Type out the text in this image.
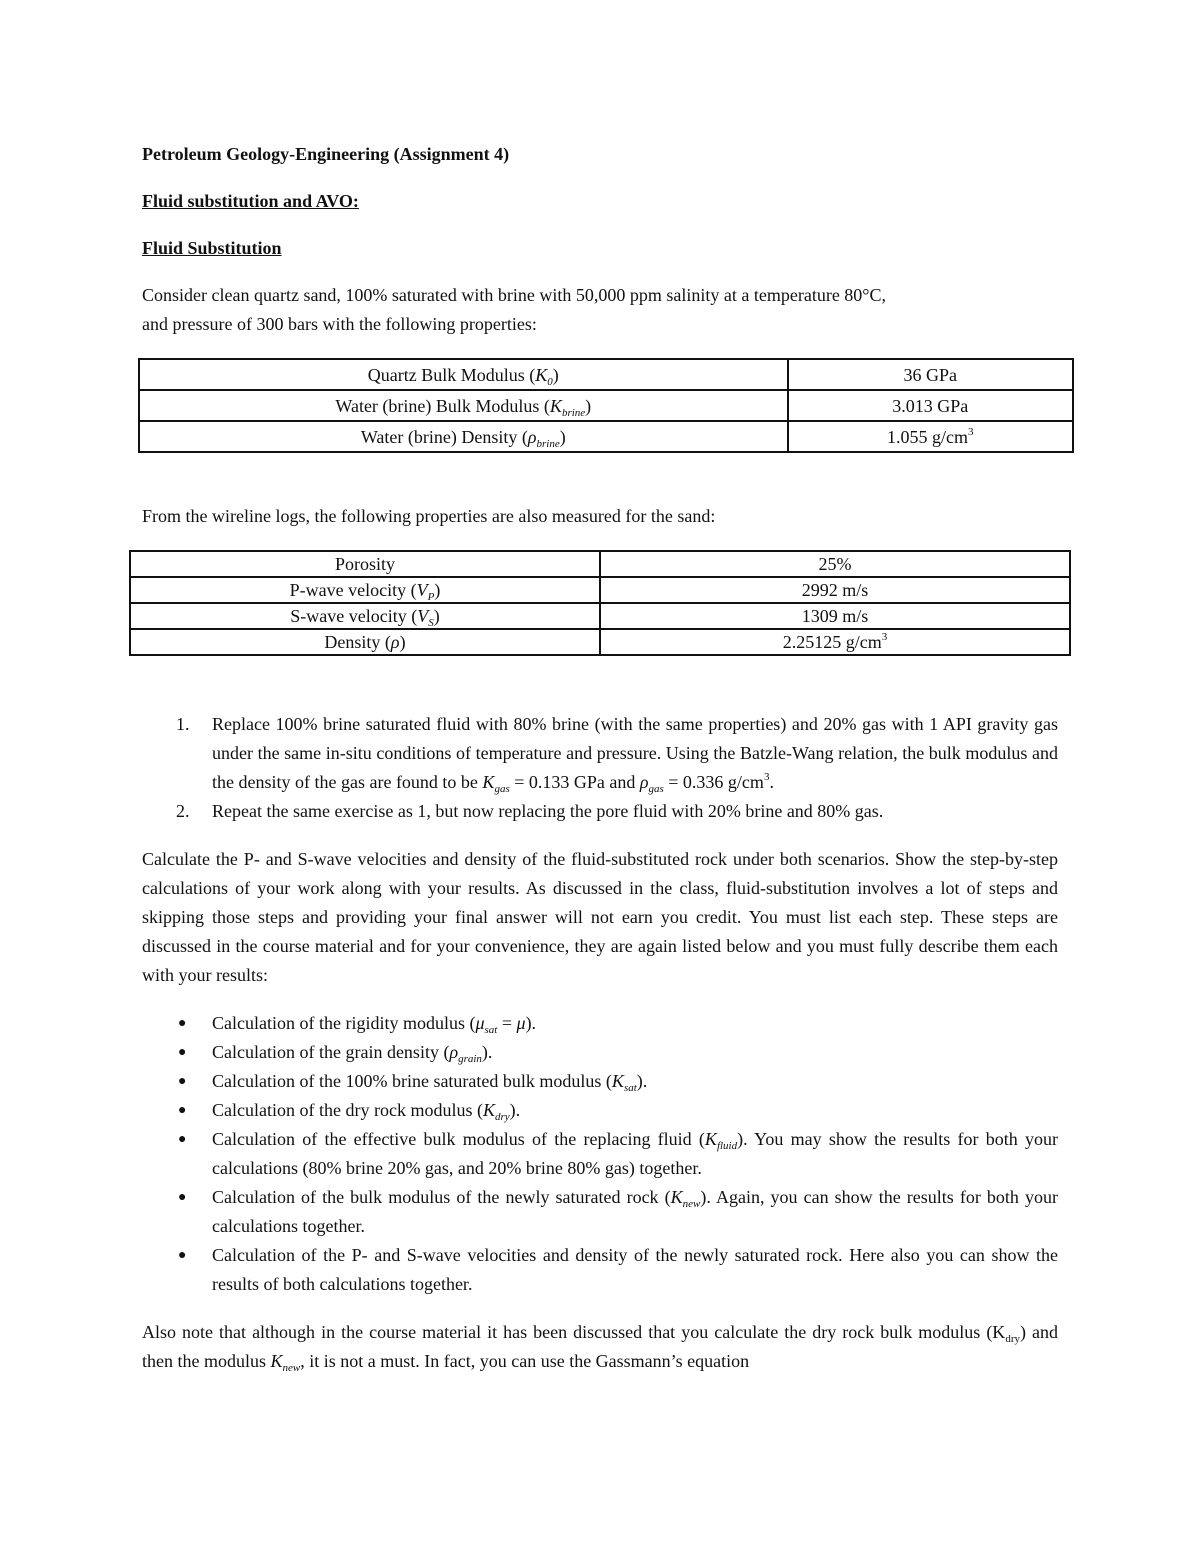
Petroleum Geology-Engineering (Assignment 4)

Fluid substitution and AVO:

Fluid Substitution

Consider clean quartz sand, 100% saturated with brine with 50,000 ppm salinity at a temperature 80°C,
and pressure of 300 bars with the following properties:

Quartz Bulk Modulus $(K_0)$	36 GPa
Water (brine) Bulk Modulus $(K_{brine})$	3.013 GPa
Water (brine) Density $(\rho_{brine})$	1.055 $g/cm^3$

From the wireline logs, the following properties are also measured for the sand:

Porosity	25%
P-wave velocity $(V_P)$	2992 m/s
S-wave velocity $(V_S)$	1309 m/s
Density (ρ)	2.25125 $g/cm^3$
1. Replace 100% brine saturated fluid with 80% brine (with the same properties) and 20% gas with 1 API gravity gas under the same in-situ conditions of temperature and pressure. Using the Batzle-Wang relation, the bulk modulus and the density of the gas are found to be $K_{gas} = 0.133$ GPa and $\rho_{gas} = 0.336$ $g/cm^3$.
2. Repeat the same exercise as 1, but now replacing the pore fluid with 20% brine and 80% gas.

Calculate the P- and S-wave velocities and density of the fluid-substituted rock under both scenarios. Show the step-by-step calculations of your work along with your results. As discussed in the class, fluid-substitution involves a lot of steps and skipping those steps and providing your final answer will not earn you credit. You must list each step. These steps are discussed in the course material and for your convenience, they are again listed below and you must fully describe them each with your results:

● Calculation of the rigidity modulus $(\mu_{sat} = \mu)$.
● Calculation of the grain density $(\rho_{grain})$.
● Calculation of the 100% brine saturated bulk modulus $(K_{sat})$.
● Calculation of the dry rock modulus $(K_{dry})$.
● Calculation of the effective bulk modulus of the replacing fluid $(K_{fluid})$. You may show the results for both your calculations (80% brine 20% gas, and 20% brine 80% gas) together.
● Calculation of the bulk modulus of the newly saturated rock $(K_{new})$. Again, you can show the results for both your calculations together.
● Calculation of the P- and S-wave velocities and density of the newly saturated rock. Here also you can show the results of both calculations together.

Also note that although in the course material it has been discussed that you calculate the dry rock bulk modulus $(K_{dry})$ and then the modulus $K_{new}$, it is not a must. In fact, you can use the Gassmann’s equation
